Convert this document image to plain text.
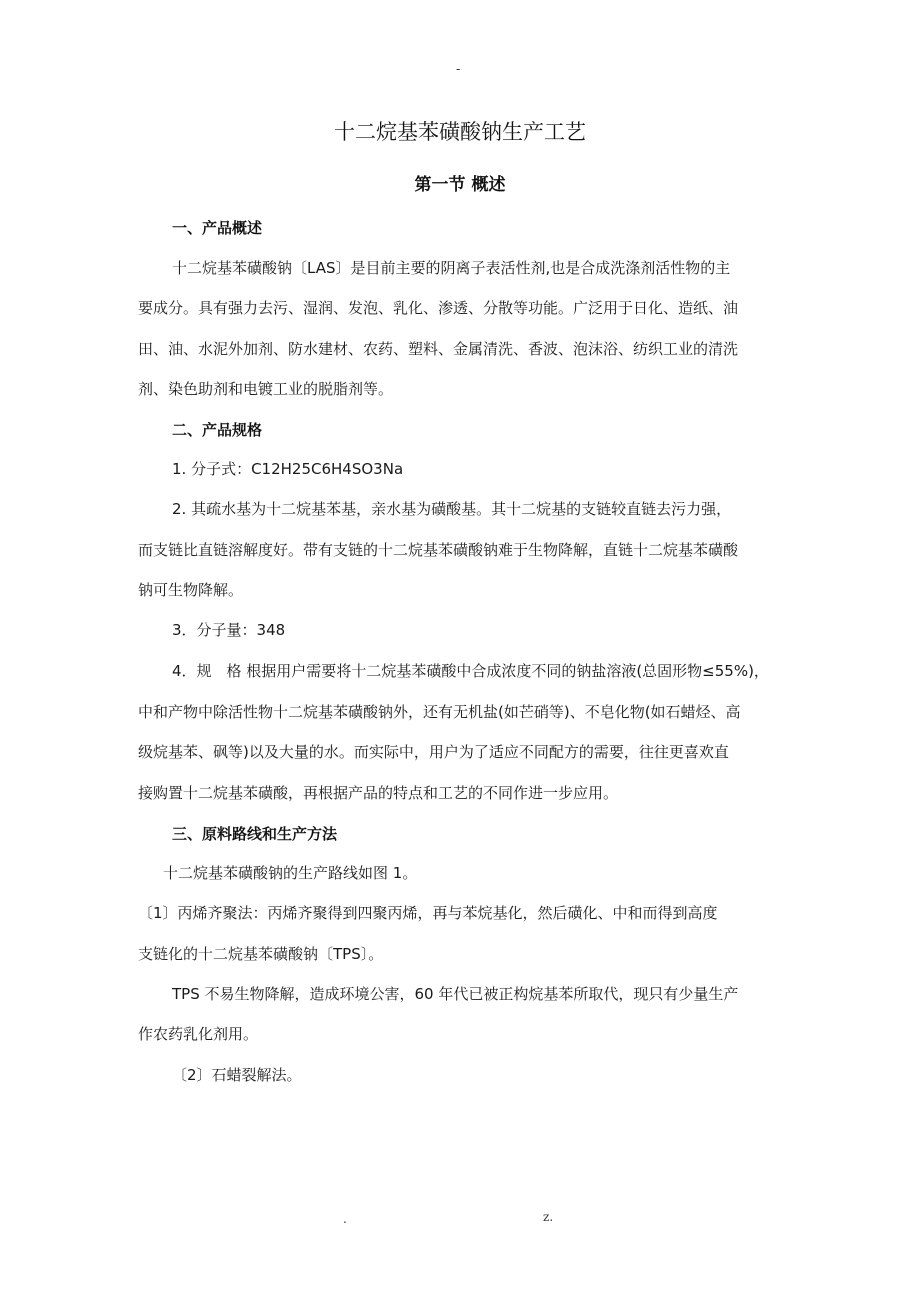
-
十二烷基苯磺酸钠生产工艺
第一节 概述
一、产品概述
十二烷基苯磺酸钠〔LAS〕是目前主要的阴离子表活性剂,也是合成洗涤剂活性物的主
要成分。具有强力去污、湿润、发泡、乳化、渗透、分散等功能。广泛用于日化、造纸、油
田、油、水泥外加剂、防水建材、农药、塑料、金属清洗、香波、泡沫浴、纺织工业的清洗
剂、染色助剂和电镀工业的脱脂剂等。
二、产品规格
1. 分子式：C12H25C6H4SO3Na
2. 其疏水基为十二烷基苯基，亲水基为磺酸基。其十二烷基的支链较直链去污力强，
而支链比直链溶解度好。带有支链的十二烷基苯磺酸钠难于生物降解，直链十二烷基苯磺酸
钠可生物降解。
3．分子量：348
4．规　格 根据用户需要将十二烷基苯磺酸中合成浓度不同的钠盐溶液(总固形物≤55%)，
中和产物中除活性物十二烷基苯磺酸钠外，还有无机盐(如芒硝等)、不皂化物(如石蜡烃、高
级烷基苯、砜等)以及大量的水。而实际中，用户为了适应不同配方的需要，往往更喜欢直
接购置十二烷基苯磺酸，再根据产品的特点和工艺的不同作进一步应用。
三、原料路线和生产方法
十二烷基苯磺酸钠的生产路线如图 1。
〔1〕丙烯齐聚法：丙烯齐聚得到四聚丙烯，再与苯烷基化，然后磺化、中和而得到高度
支链化的十二烷基苯磺酸钠〔TPS〕。
TPS 不易生物降解，造成环境公害，60 年代已被正构烷基苯所取代，现只有少量生产
作农药乳化剂用。
〔2〕石蜡裂解法。
.	z.
